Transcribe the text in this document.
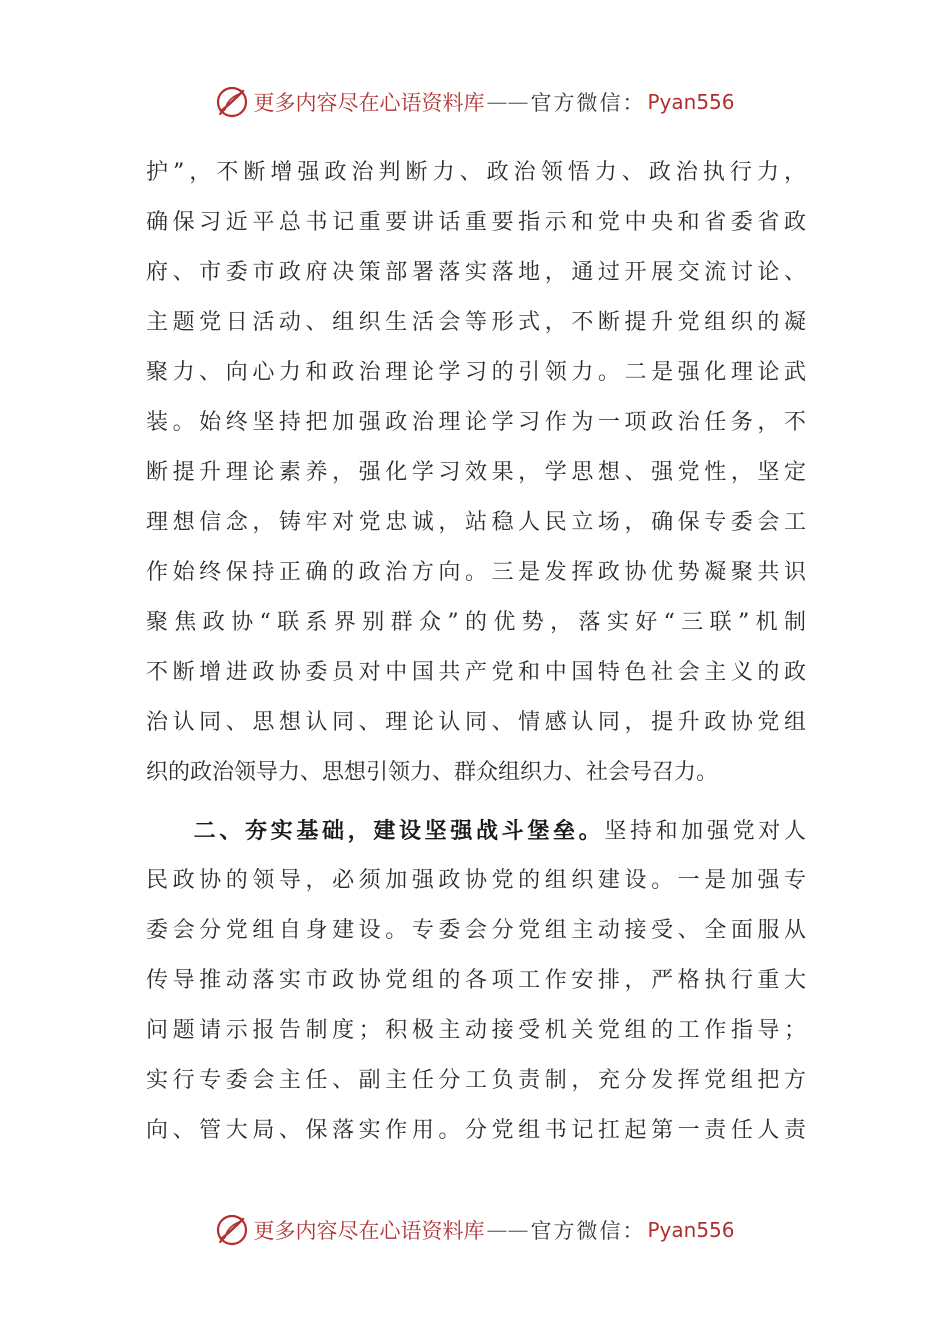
更多内容尽在心语资料库 —— 官方微信： Pyan556
护”，不断增强政治判断力、政治领悟力、政治执行力，
确保习近平总书记重要讲话重要指示和党中央和省委省政
府、市委市政府决策部署落实落地，通过开展交流讨论、
主题党日活动、组织生活会等形式，不断提升党组织的凝
聚力、向心力和政治理论学习的引领力。二是强化理论武
装。始终坚持把加强政治理论学习作为一项政治任务，不
断提升理论素养，强化学习效果，学思想、强党性，坚定
理想信念，铸牢对党忠诚，站稳人民立场，确保专委会工
作始终保持正确的政治方向。三是发挥政协优势凝聚共识
聚焦政协“联系界别群众”的优势，落实好“三联”机制
不断增进政协委员对中国共产党和中国特色社会主义的政
治认同、思想认同、理论认同、情感认同，提升政协党组
织的政治领导力、思想引领力、群众组织力、社会号召力。
二、夯实基础，建设坚强战斗堡垒。坚持和加强党对人
民政协的领导，必须加强政协党的组织建设。一是加强专
委会分党组自身建设。专委会分党组主动接受、全面服从
传导推动落实市政协党组的各项工作安排，严格执行重大
问题请示报告制度；积极主动接受机关党组的工作指导；
实行专委会主任、副主任分工负责制，充分发挥党组把方
向、管大局、保落实作用。分党组书记扛起第一责任人责
更多内容尽在心语资料库 —— 官方微信： Pyan556
